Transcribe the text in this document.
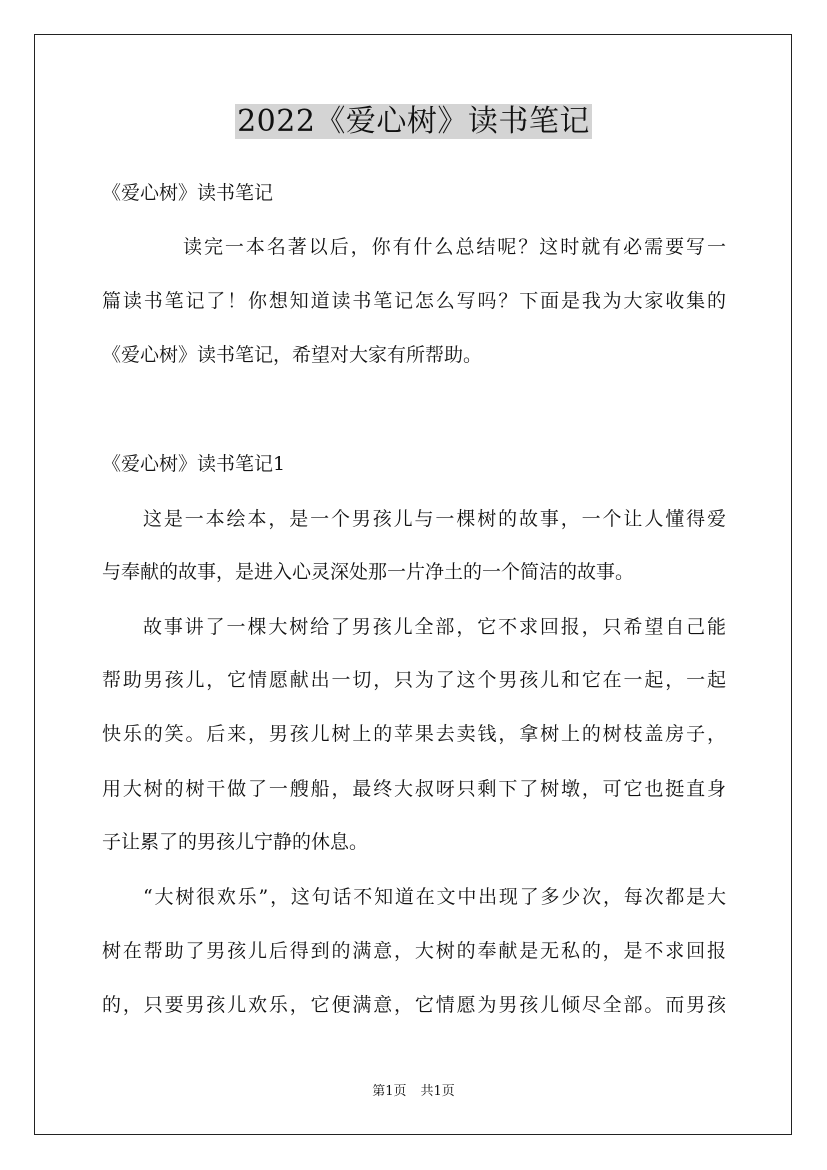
2022《爱心树》读书笔记
《爱心树》读书笔记
读完一本名著以后，你有什么总结呢？这时就有必需要写一
篇读书笔记了！你想知道读书笔记怎么写吗？下面是我为大家收集的
《爱心树》读书笔记，希望对大家有所帮助。
《爱心树》读书笔记1
这是一本绘本，是一个男孩儿与一棵树的故事，一个让人懂得爱
与奉献的故事，是进入心灵深处那一片净土的一个简洁的故事。
故事讲了一棵大树给了男孩儿全部，它不求回报，只希望自己能
帮助男孩儿，它情愿献出一切，只为了这个男孩儿和它在一起，一起
快乐的笑。后来，男孩儿树上的苹果去卖钱，拿树上的树枝盖房子，
用大树的树干做了一艘船，最终大叔呀只剩下了树墩，可它也挺直身
子让累了的男孩儿宁静的休息。
“大树很欢乐”，这句话不知道在文中出现了多少次，每次都是大
树在帮助了男孩儿后得到的满意，大树的奉献是无私的，是不求回报
的，只要男孩儿欢乐，它便满意，它情愿为男孩儿倾尽全部。而男孩
第1页 共1页
